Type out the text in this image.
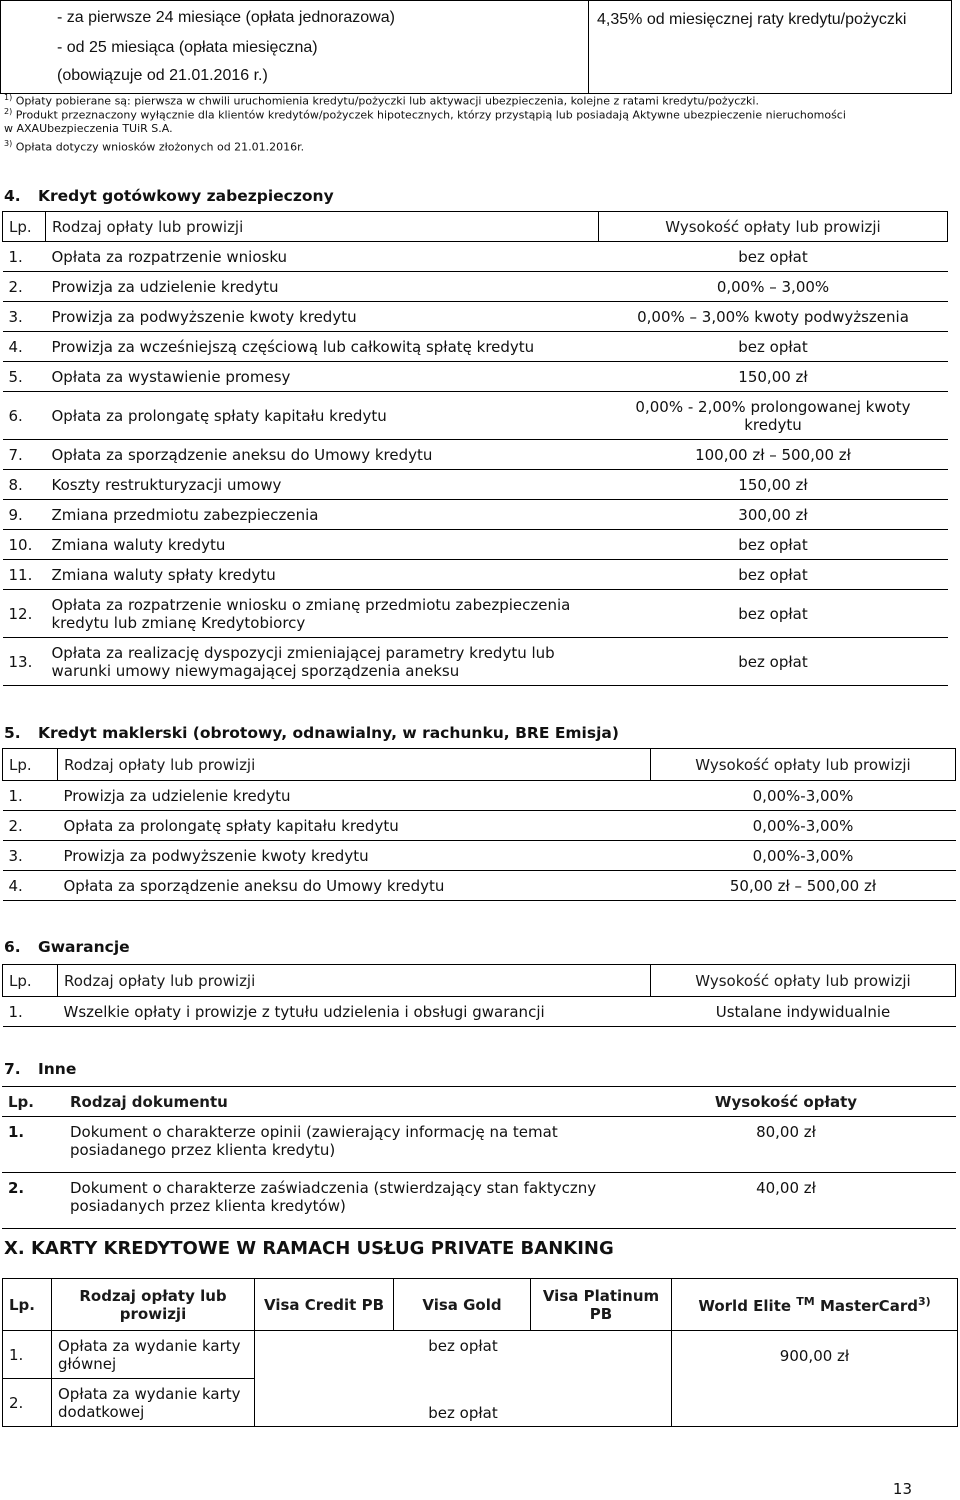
- za pierwsze 24 miesiące (opłata jednorazowa)
- od 25 miesiąca (opłata miesięczna)
(obowiązuje od 21.01.2016 r.)
4,35% od miesięcznej raty kredytu/pożyczki
$^{1)}$ Opłaty pobierane są: pierwsza w chwili uruchomienia kredytu/pożyczki lub aktywacji ubezpieczenia, kolejne z ratami kredytu/pożyczki.
$^{2)}$ Produkt przeznaczony wyłącznie dla klientów kredytów/pożyczek hipotecznych, którzy przystąpią lub posiadają Aktywne ubezpieczenie nieruchomości
w AXAUbezpieczenia TUiR S.A.
$^{3)}$ Opłata dotyczy wniosków złożonych od 21.01.2016r.
4. Kredyt gotówkowy zabezpieczony
Lp.	Rodzaj opłaty lub prowizji	Wysokość opłaty lub prowizji
1.	Opłata za rozpatrzenie wniosku	bez opłat
2.	Prowizja za udzielenie kredytu	0,00% – 3,00%
3.	Prowizja za podwyższenie kwoty kredytu	0,00% – 3,00% kwoty podwyższenia
4.	Prowizja za wcześniejszą częściową lub całkowitą spłatę kredytu	bez opłat
5.	Opłata za wystawienie promesy	150,00 zł
6.	Opłata za prolongatę spłaty kapitału kredytu	0,00% - 2,00% prolongowanej kwoty kredytu
7.	Opłata za sporządzenie aneksu do Umowy kredytu	100,00 zł – 500,00 zł
8.	Koszty restrukturyzacji umowy	150,00 zł
9.	Zmiana przedmiotu zabezpieczenia	300,00 zł
10.	Zmiana waluty kredytu	bez opłat
11.	Zmiana waluty spłaty kredytu	bez opłat
12.	Opłata za rozpatrzenie wniosku o zmianę przedmiotu zabezpieczenia kredytu lub zmianę Kredytobiorcy	bez opłat
13.	Opłata za realizację dyspozycji zmieniającej parametry kredytu lub warunki umowy niewymagającej sporządzenia aneksu	bez opłat
5. Kredyt maklerski (obrotowy, odnawialny, w rachunku, BRE Emisja)
Lp.	Rodzaj opłaty lub prowizji	Wysokość opłaty lub prowizji
1.	Prowizja za udzielenie kredytu	0,00%-3,00%
2.	Opłata za prolongatę spłaty kapitału kredytu	0,00%-3,00%
3.	Prowizja za podwyższenie kwoty kredytu	0,00%-3,00%
4.	Opłata za sporządzenie aneksu do Umowy kredytu	50,00 zł – 500,00 zł
6. Gwarancje
Lp.	Rodzaj opłaty lub prowizji	Wysokość opłaty lub prowizji
1.	Wszelkie opłaty i prowizje z tytułu udzielenia i obsługi gwarancji	Ustalane indywidualnie
7. Inne
Lp.	Rodzaj dokumentu	Wysokość opłaty
1.	Dokument o charakterze opinii (zawierający informację na temat posiadanego przez klienta kredytu)	80,00 zł
2.	Dokument o charakterze zaświadczenia (stwierdzający stan faktyczny posiadanych przez klienta kredytów)	40,00 zł
X. KARTY KREDYTOWE W RAMACH USŁUG PRIVATE BANKING
Lp.	Rodzaj opłaty lub prowizji	Visa Credit PB	Visa Gold	Visa Platinum PB	World Elite ™ MasterCard$^{3)}$
1.	Opłata za wydanie karty głównej	bez opłat			900,00 zł
2.	Opłata za wydanie karty dodatkowej	bez opłat			
13
